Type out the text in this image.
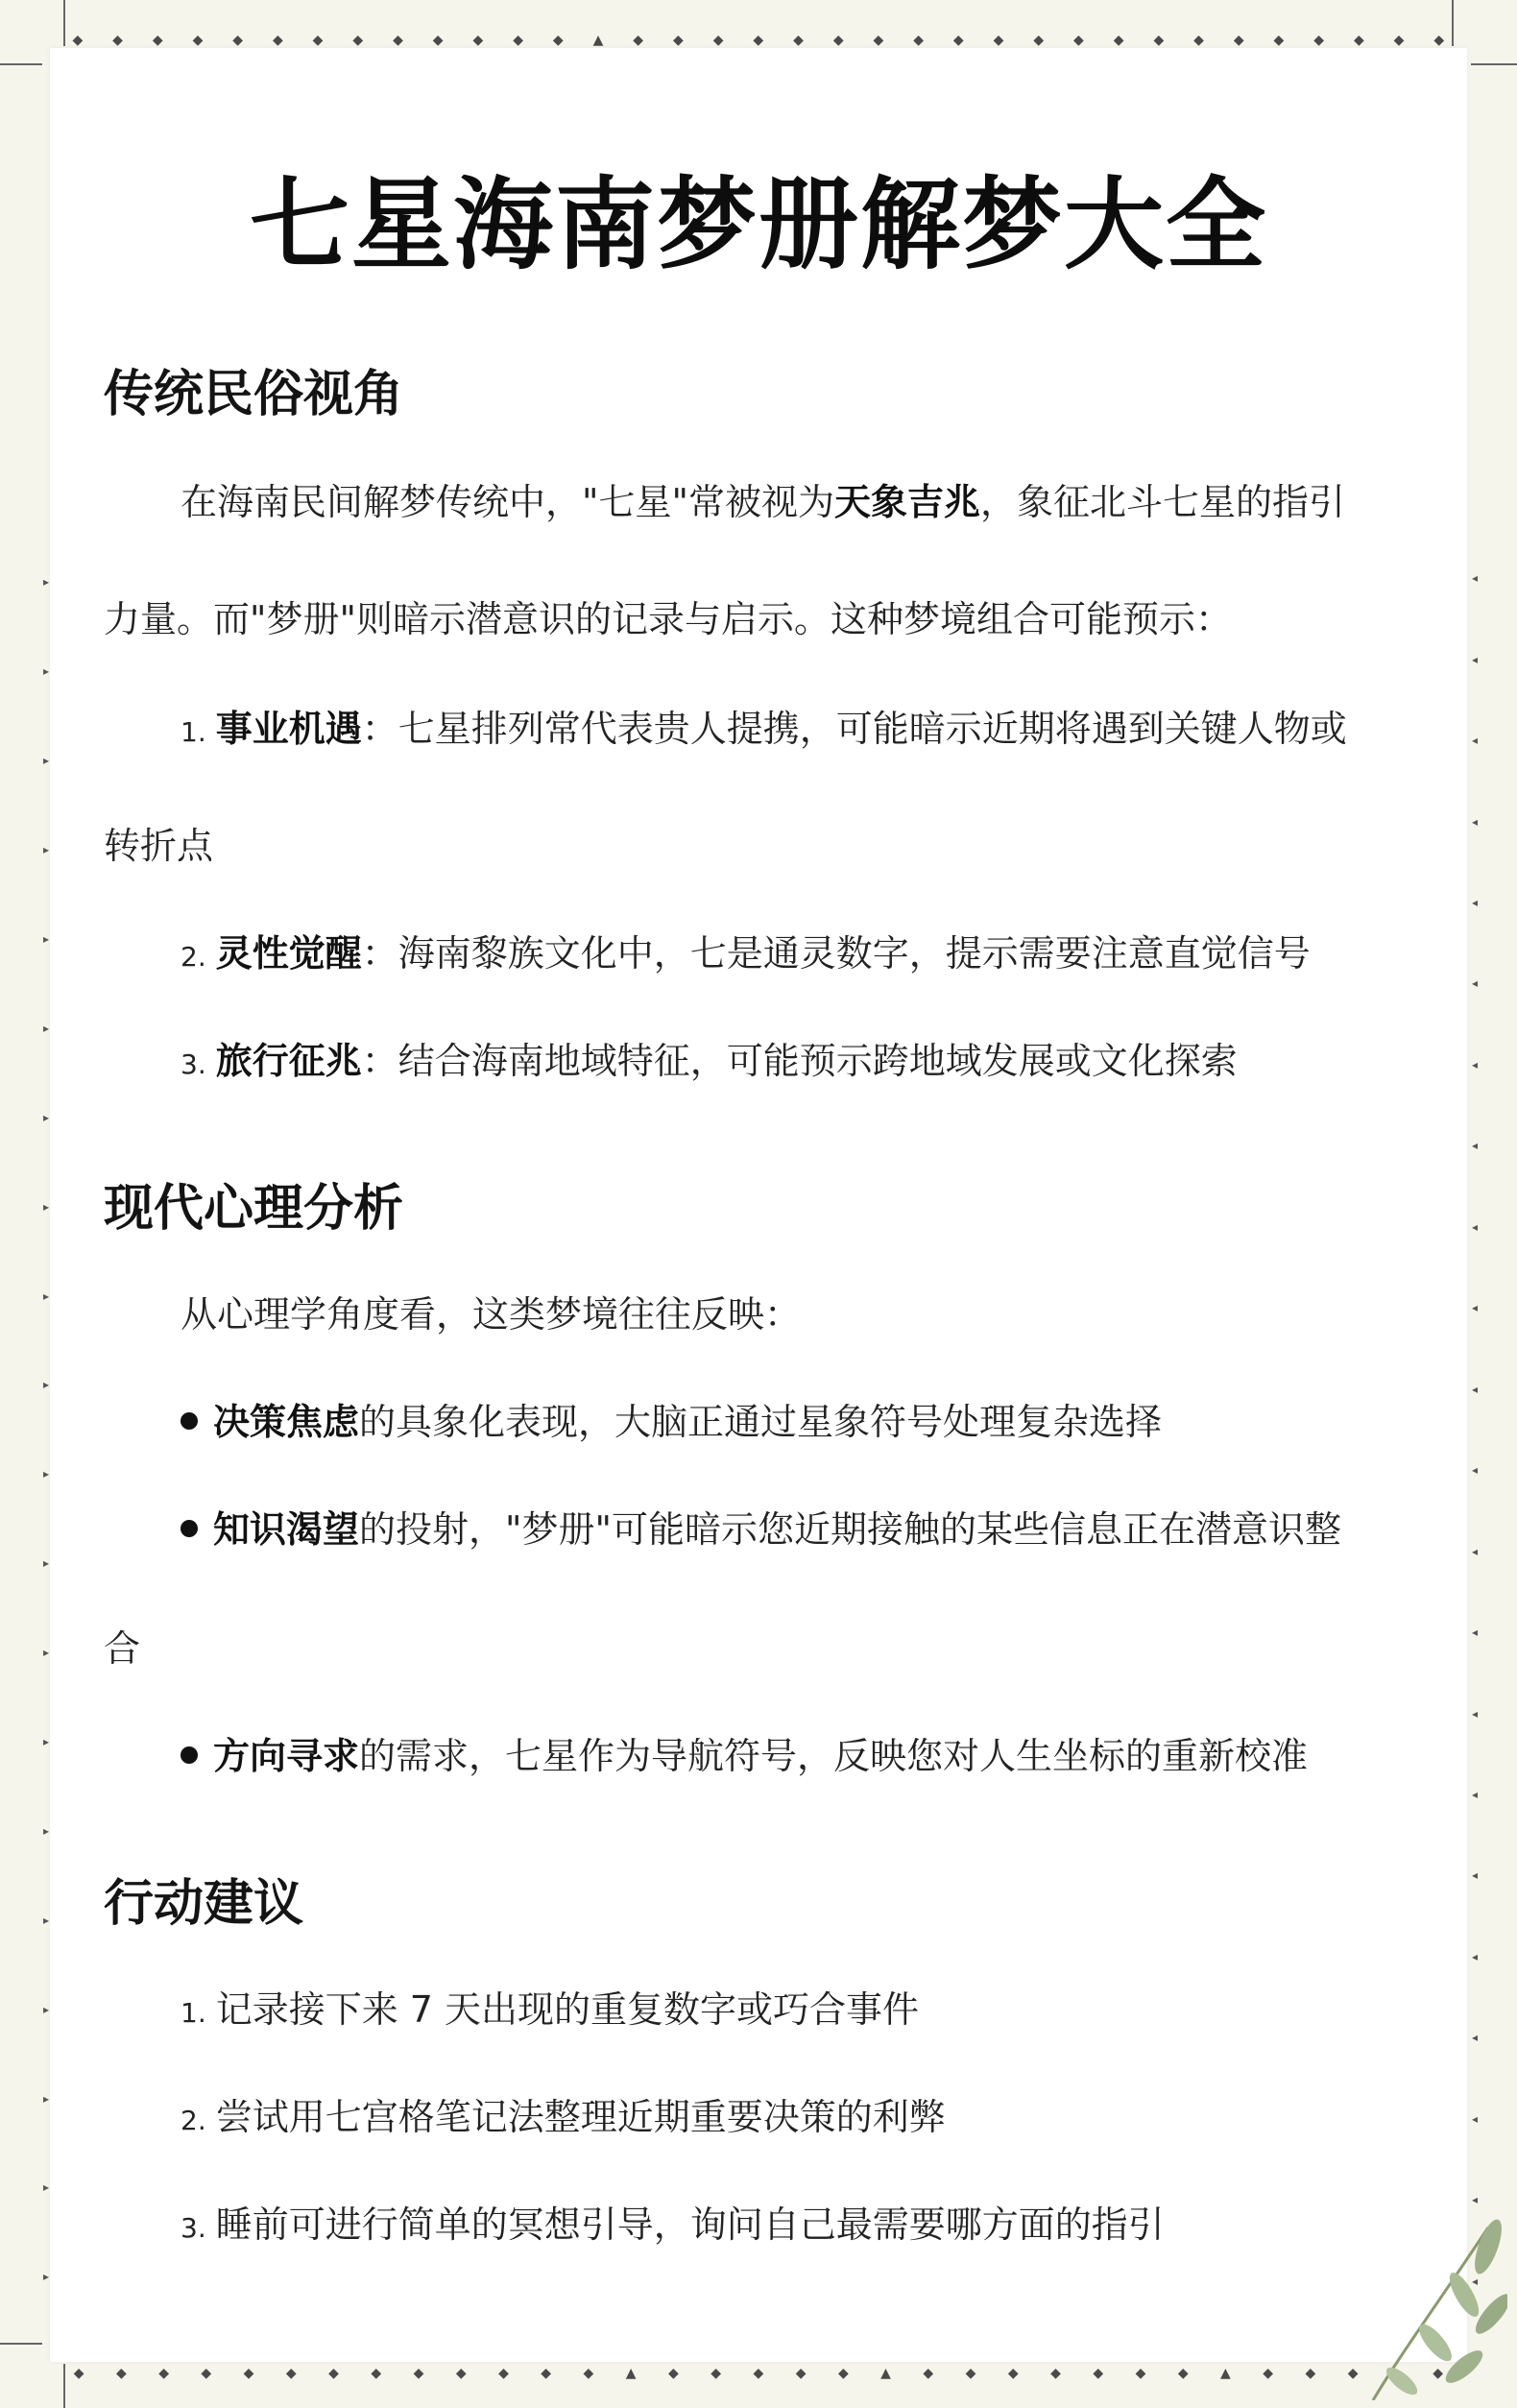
◆ ◆ ◆ ◆ ◆ ◆ ◆ ◆ ◆ ◆ ◆ ◆ ◆ ▲ ◆ ◆ ◆ ◆ ◆ ◆ ◆ ◆ ◆ ◆ ◆ ◆ ◆ ◆ ◆ ◆ ◆ ◆ ◆ ◆ ◆
◆ ◆ ◆ ◆ ◆ ◆ ◆ ◆ ◆ ◆ ◆ ◆ ◆ ▲ ◆ ◆ ◆ ◆ ◆ ▲ ◆ ◆ ◆ ◆ ◆ ◆ ◆ ▲ ◆ ◆ ◆	◆
▸
▸
▸
▸
▸
▸
▸
▸
▸
▸
▸
▸
▸
▸
▸
▸
▸
▸
▸
▸
◂
◂
◂
◂
◂
◂
◂
◂
◂
◂
◂
◂
◂
◂
◂
◂
◂
◂
◂
◂
◂
◂
七星海南梦册解梦大全
传统民俗视角
在海南民间解梦传统中，"七星"常被视为天象吉兆，象征北斗七星的指引
力量。而"梦册"则暗示潜意识的记录与启示。这种梦境组合可能预示：
1. 事业机遇：七星排列常代表贵人提携，可能暗示近期将遇到关键人物或
转折点
2. 灵性觉醒：海南黎族文化中，七是通灵数字，提示需要注意直觉信号
3. 旅行征兆：结合海南地域特征，可能预示跨地域发展或文化探索
现代心理分析
从心理学角度看，这类梦境往往反映：
决策焦虑的具象化表现，大脑正通过星象符号处理复杂选择
知识渴望的投射，"梦册"可能暗示您近期接触的某些信息正在潜意识整
合
方向寻求的需求，七星作为导航符号，反映您对人生坐标的重新校准
行动建议
1. 记录接下来 7 天出现的重复数字或巧合事件
2. 尝试用七宫格笔记法整理近期重要决策的利弊
3. 睡前可进行简单的冥想引导，询问自己最需要哪方面的指引
